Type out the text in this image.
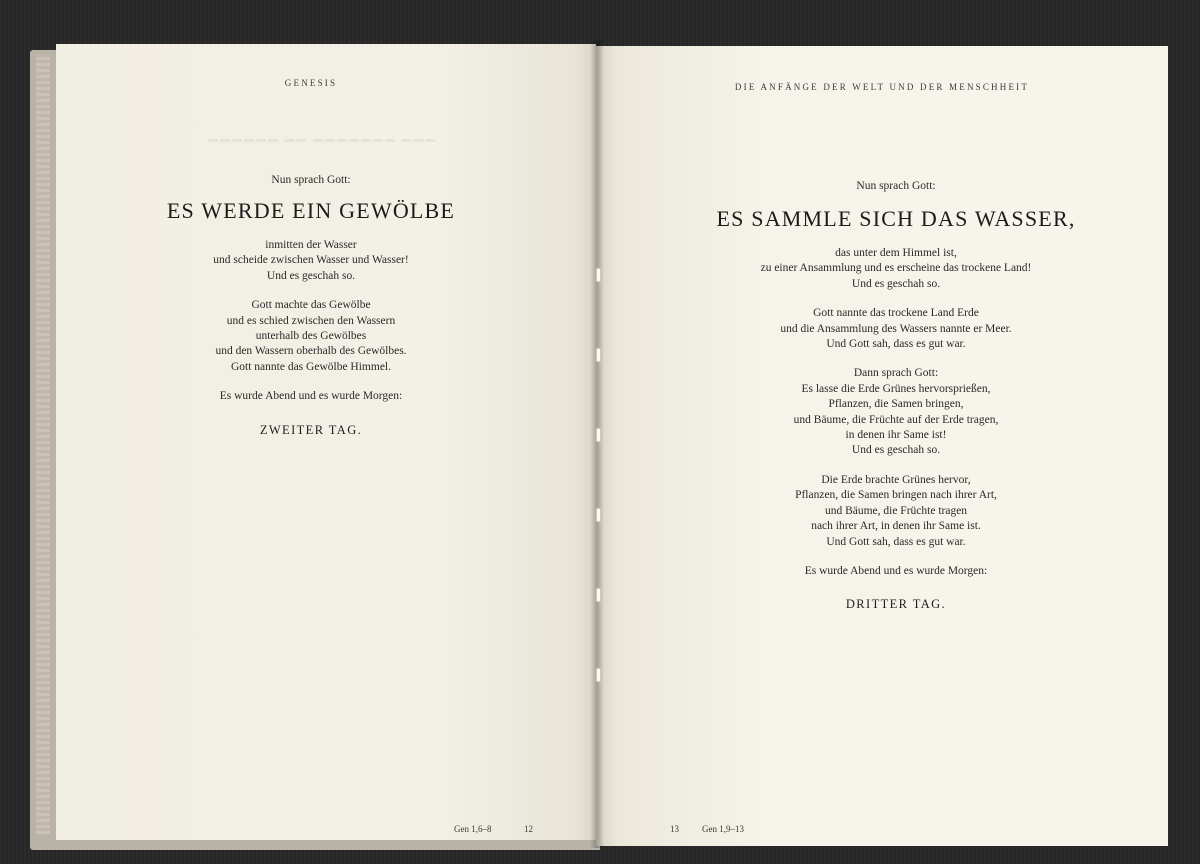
▬▬▬ ▬▬▬▬▬▬▬ ▬▬ ▬▬▬▬▬▬
GENESIS
Nun sprach Gott:
ES WERDE EIN GEWÖLBE
inmitten der Wasser
und scheide zwischen Wasser und Wasser!
Und es geschah so.
Gott machte das Gewölbe
und es schied zwischen den Wassern
unterhalb des Gewölbes
und den Wassern oberhalb des Gewölbes.
Gott nannte das Gewölbe Himmel.
Es wurde Abend und es wurde Morgen:
ZWEITER TAG.
Gen 1,6–8	12
DIE ANFÄNGE DER WELT UND DER MENSCHHEIT
Nun sprach Gott:
ES SAMMLE SICH DAS WASSER,
das unter dem Himmel ist,
zu einer Ansammlung und es erscheine das trockene Land!
Und es geschah so.
Gott nannte das trockene Land Erde
und die Ansammlung des Wassers nannte er Meer.
Und Gott sah, dass es gut war.
Dann sprach Gott:
Es lasse die Erde Grünes hervorsprießen,
Pflanzen, die Samen bringen,
und Bäume, die Früchte auf der Erde tragen,
in denen ihr Same ist!
Und es geschah so.
Die Erde brachte Grünes hervor,
Pflanzen, die Samen bringen nach ihrer Art,
und Bäume, die Früchte tragen
nach ihrer Art, in denen ihr Same ist.
Und Gott sah, dass es gut war.
Es wurde Abend und es wurde Morgen:
DRITTER TAG.
13	Gen 1,9–13
